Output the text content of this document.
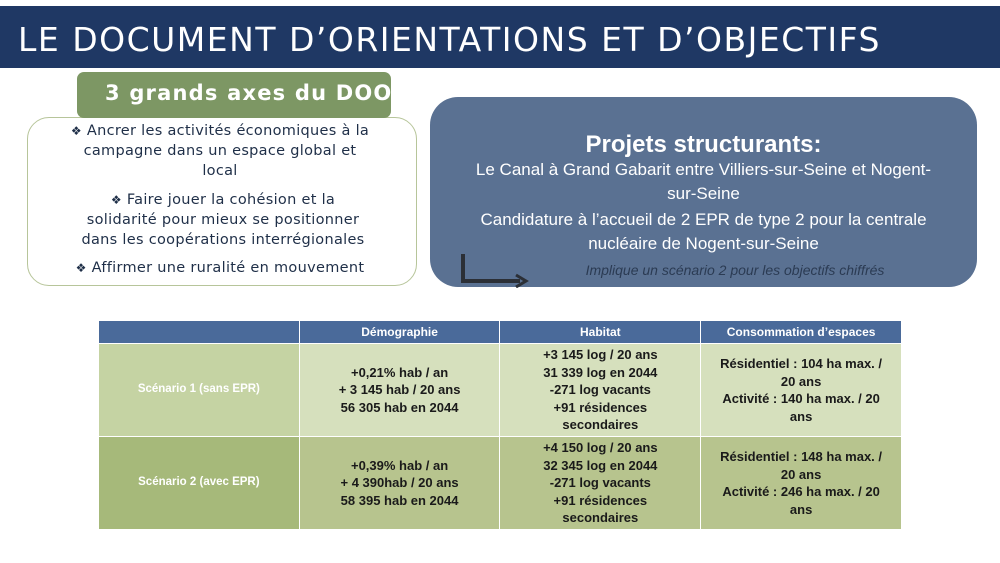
LE DOCUMENT D’ORIENTATIONS ET D’OBJECTIFS
3 grands axes du DOO
❖ Ancrer les activités économiques à la
campagne dans un espace global et
local
❖ Faire jouer la cohésion et la
solidarité pour mieux se positionner
dans les coopérations interrégionales
❖ Affirmer une ruralité en mouvement
Projets structurants:
Le Canal à Grand Gabarit entre Villiers-sur-Seine et Nogent-
sur-Seine
Candidature à l’accueil de 2 EPR de type 2 pour la centrale
nucléaire de Nogent-sur-Seine
Implique un scénario 2 pour les objectifs chiffrés
	Démographie	Habitat	Consommation d’espaces
Scénario 1 (sans EPR)	+0,21% hab / an
+ 3 145 hab / 20 ans
56 305 hab en 2044	+3 145 log / 20 ans
31 339 log en 2044
-271 log vacants
+91 résidences
secondaires	Résidentiel : 104 ha max. /
20 ans
Activité : 140 ha max. / 20
ans
Scénario 2 (avec EPR)	+0,39% hab / an
+ 4 390hab / 20 ans
58 395 hab en 2044	+4 150 log / 20 ans
32 345 log en 2044
-271 log vacants
+91 résidences
secondaires	Résidentiel : 148 ha max. /
20 ans
Activité : 246 ha max. / 20
ans
